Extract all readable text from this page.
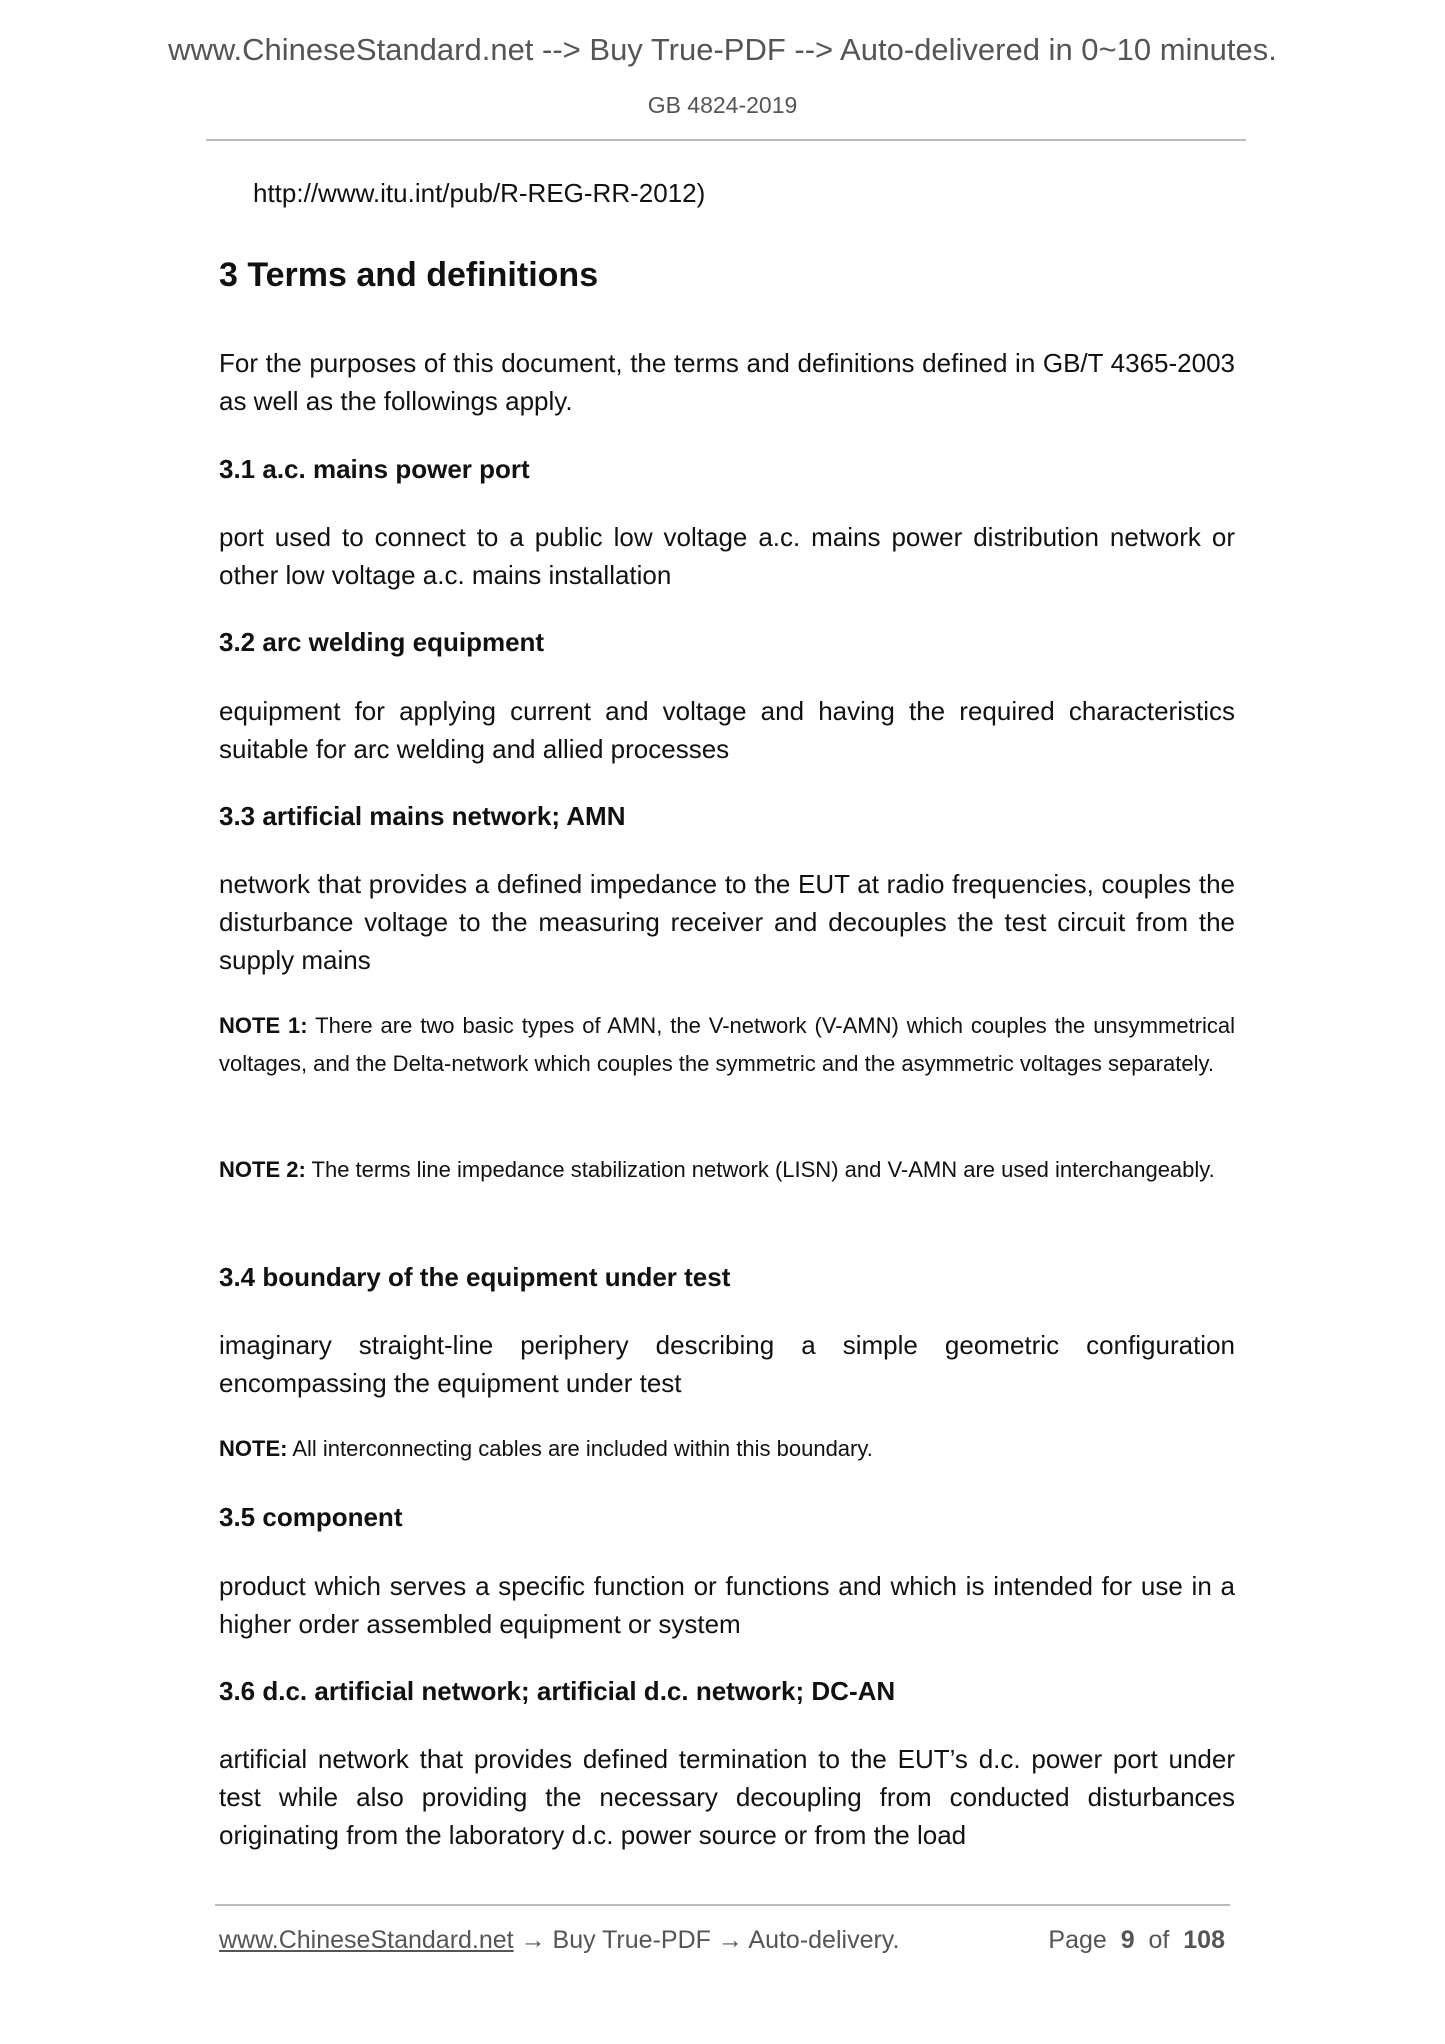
www.ChineseStandard.net --> Buy True-PDF --> Auto-delivered in 0~10 minutes.
GB 4824-2019
http://www.itu.int/pub/R-REG-RR-2012)
3 Terms and definitions
For the purposes of this document, the terms and definitions defined in GB/T 4365-2003 as well as the followings apply.
3.1 a.c. mains power port
port used to connect to a public low voltage a.c. mains power distribution network or other low voltage a.c. mains installation
3.2 arc welding equipment
equipment for applying current and voltage and having the required characteristics suitable for arc welding and allied processes
3.3 artificial mains network; AMN
network that provides a defined impedance to the EUT at radio frequencies, couples the disturbance voltage to the measuring receiver and decouples the test circuit from the supply mains
NOTE 1: There are two basic types of AMN, the V-network (V-AMN) which couples the unsymmetrical voltages, and the Delta-network which couples the symmetric and the asymmetric voltages separately.
NOTE 2: The terms line impedance stabilization network (LISN) and V-AMN are used interchangeably.
3.4 boundary of the equipment under test
imaginary straight-line periphery describing a simple geometric configuration encompassing the equipment under test
NOTE: All interconnecting cables are included within this boundary.
3.5 component
product which serves a specific function or functions and which is intended for use in a higher order assembled equipment or system
3.6 d.c. artificial network; artificial d.c. network; DC-AN
artificial network that provides defined termination to the EUT’s d.c. power port under test while also providing the necessary decoupling from conducted disturbances originating from the laboratory d.c. power source or from the load
www.ChineseStandard.net → Buy True-PDF → Auto-delivery.	Page 9 of 108
